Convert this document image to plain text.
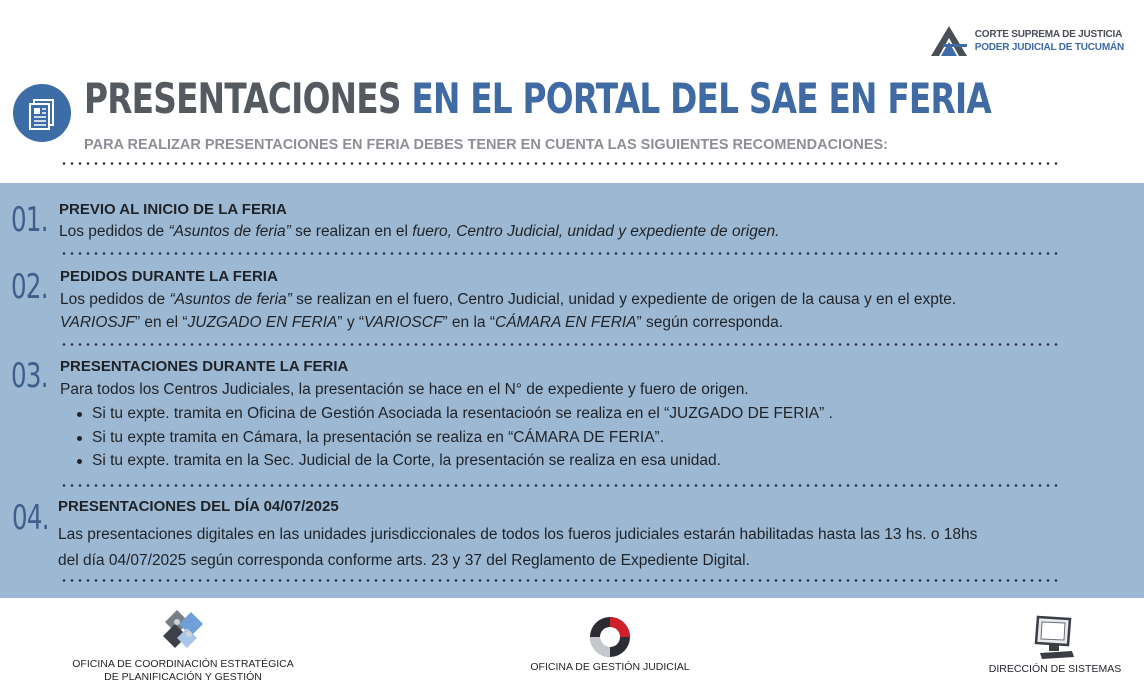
CORTE SUPREMA DE JUSTICIA
PODER JUDICIAL DE TUCUMÁN
PRESENTACIONES EN EL PORTAL DEL SAE EN FERIA
PARA REALIZAR PRESENTACIONES EN FERIA DEBES TENER EN CUENTA LAS SIGUIENTES RECOMENDACIONES:
01. PREVIO AL INICIO DE LA FERIA
Los pedidos de “Asuntos de feria” se realizan en el fuero, Centro Judicial, unidad y expediente de origen.
02. PEDIDOS DURANTE LA FERIA
Los pedidos de “Asuntos de feria” se realizan en el fuero, Centro Judicial, unidad y expediente de origen de la causa y en el expte.
VARIOSJF” en el “JUZGADO EN FERIA” y “VARIOSCF” en la “CÁMARA EN FERIA” según corresponda.
03. PRESENTACIONES DURANTE LA FERIA
Para todos los Centros Judiciales, la presentación se hace en el N° de expediente y fuero de origen.
Si tu expte. tramita en Oficina de Gestión Asociada la resentacioón se realiza en el “JUZGADO DE FERIA” .
Si tu expte tramita en Cámara, la presentación se realiza en “CÁMARA DE FERIA”.
Si tu expte. tramita en la Sec. Judicial de la Corte, la presentación se realiza en esa unidad.
04. PRESENTACIONES DEL DÍA 04/07/2025
Las presentaciones digitales en las unidades jurisdiccionales de todos los fueros judiciales estarán habilitadas hasta las 13 hs. o 18hs
del día 04/07/2025 según corresponda conforme arts. 23 y 37 del Reglamento de Expediente Digital.
OFICINA DE COORDINACIÓN ESTRATÉGICA
DE PLANIFICACIÓN Y GESTIÓN
OFICINA DE GESTIÓN JUDICIAL	DIRECCIÓN DE SISTEMAS
